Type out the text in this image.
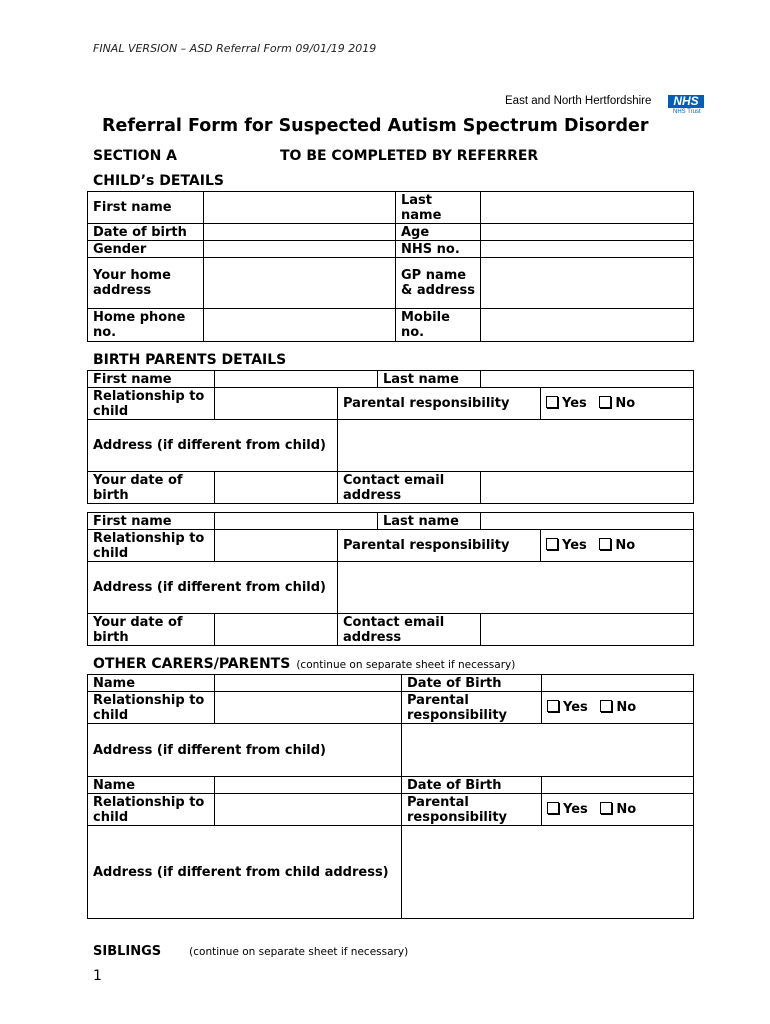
FINAL VERSION – ASD Referral Form 09/01/19 2019
East and North Hertfordshire	NHS
NHS Trust
Referral Form for Suspected Autism Spectrum Disorder
SECTION A	TO BE COMPLETED BY REFERRER
CHILD’s DETAILS
First name		Last name	
Date of birth		Age	
Gender		NHS no.	
Your home address		GP name & address	
Home phone no.		Mobile no.	
BIRTH PARENTS DETAILS
First name			Last name		
Relationship to child		Parental responsibility			Yes No
Address (if different from child)					
Your date of birth		Contact email address			
First name			Last name		
Relationship to child		Parental responsibility			Yes No
Address (if different from child)					
Your date of birth		Contact email address			
OTHER CARERS/PARENTS (continue on separate sheet if necessary)
Name		Date of Birth	
Relationship to child		Parental responsibility	Yes No
Address (if different from child)			
Name		Date of Birth	
Relationship to child		Parental responsibility	Yes No
Address (if different from child address)			
SIBLINGS	(continue on separate sheet if necessary)
1
